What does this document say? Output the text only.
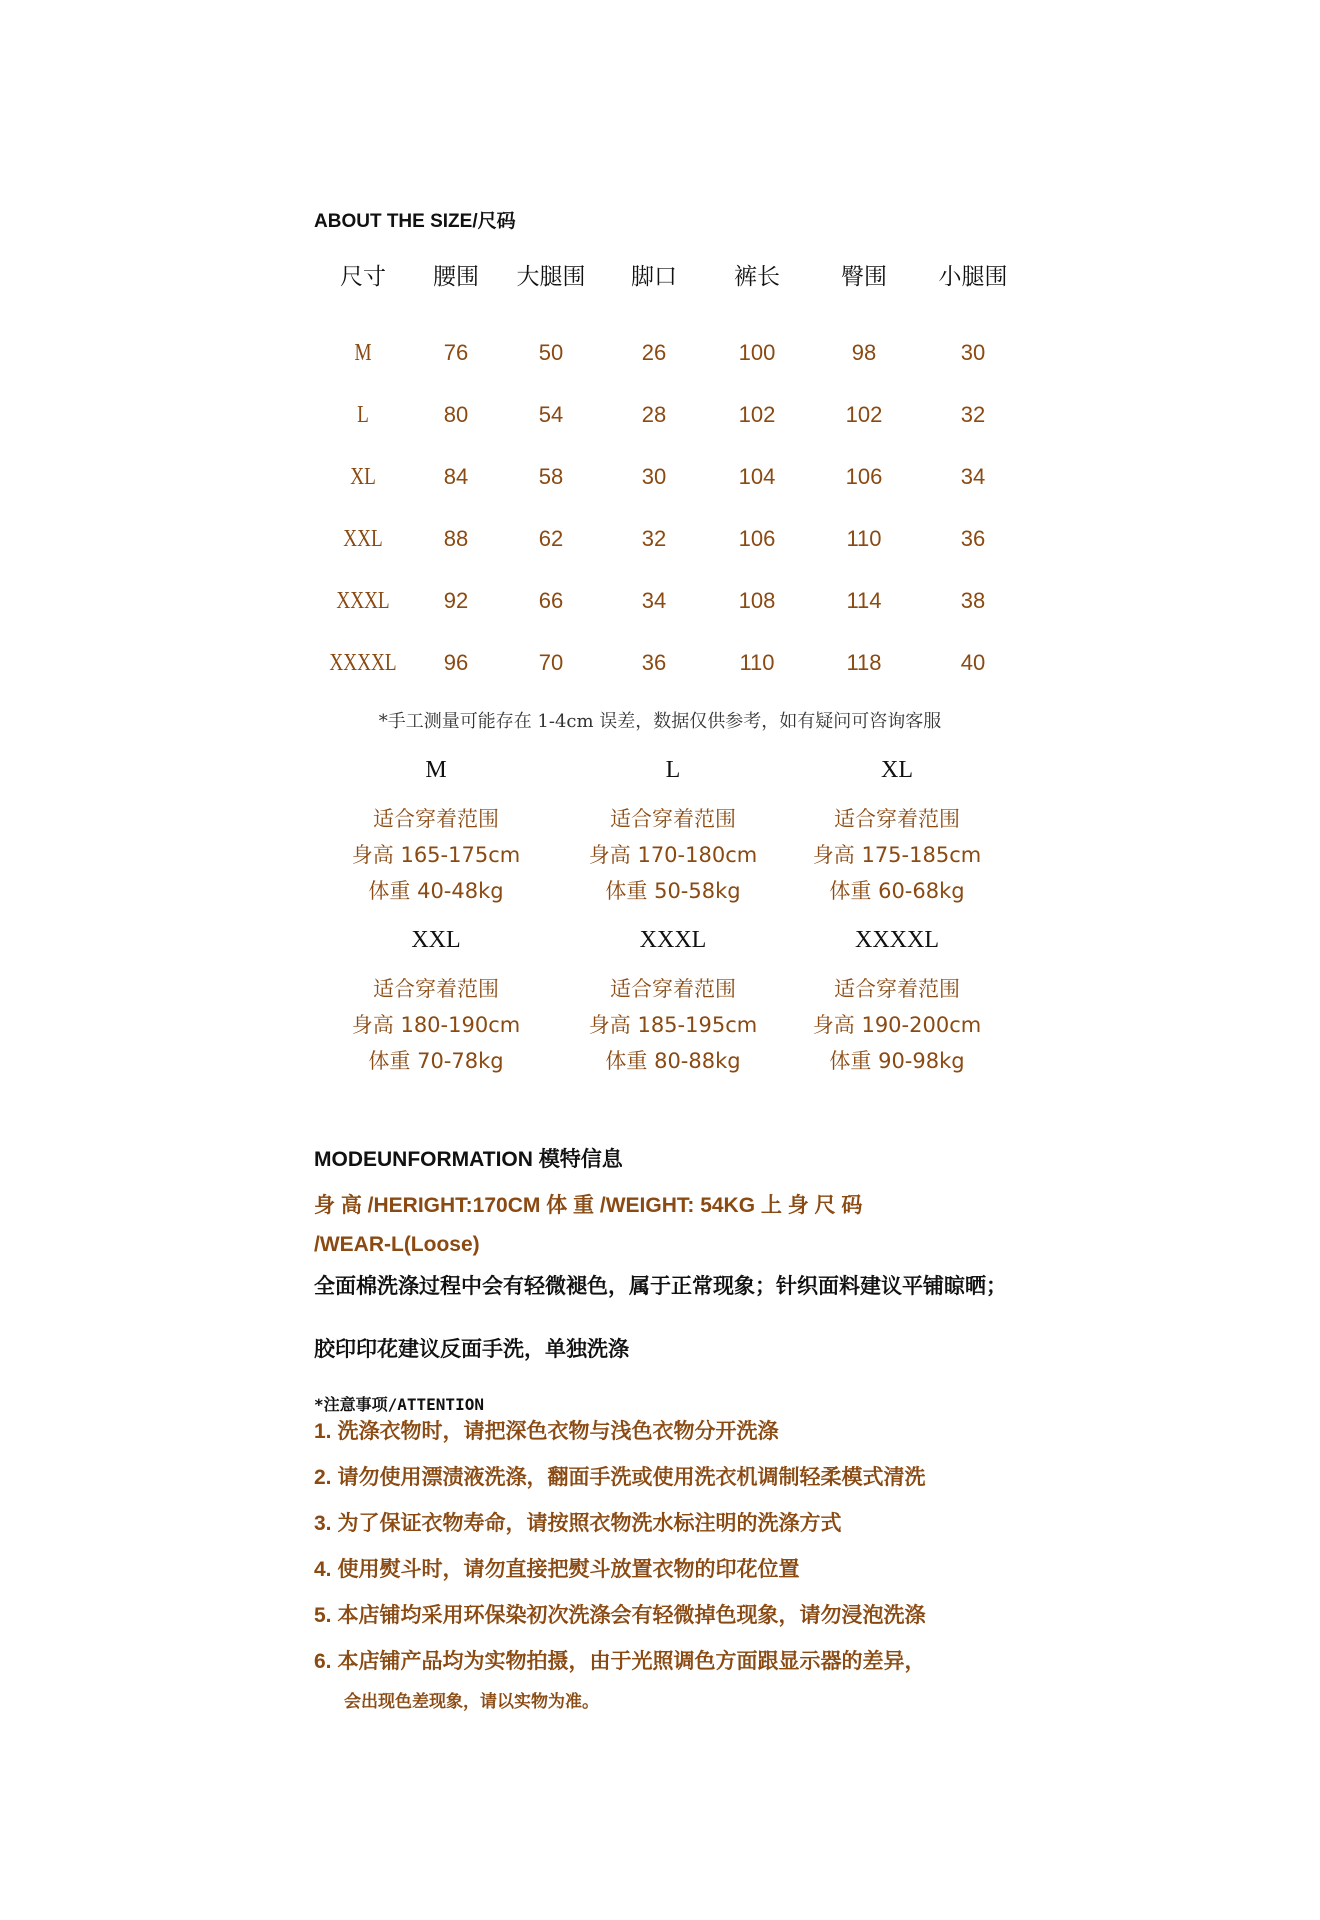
ABOUT THE SIZE/尺码
尺寸	腰围	大腿围	脚口	裤长	臀围	小腿围
M	76	50	26	100	98	30
L	80	54	28	102	102	32
XL	84	58	30	104	106	34
XXL	88	62	32	106	110	36
XXXL	92	66	34	108	114	38
XXXXL	96	70	36	110	118	40
*手工测量可能存在 1-4cm 误差，数据仅供参考，如有疑问可咨询客服
M
适合穿着范围
身高 165-175cm
体重 40-48kg
L
适合穿着范围
身高 170-180cm
体重 50-58kg
XL
适合穿着范围
身高 175-185cm
体重 60-68kg
XXL
适合穿着范围
身高 180-190cm
体重 70-78kg
XXXL
适合穿着范围
身高 185-195cm
体重 80-88kg
XXXXL
适合穿着范围
身高 190-200cm
体重 90-98kg
MODEUNFORMATION 模特信息
身 高 /HERIGHT:170CM 体 重 /WEIGHT: 54KG 上 身 尺 码
/WEAR-L(Loose)
全面棉洗涤过程中会有轻微褪色，属于正常现象；针织面料建议平铺晾晒；
胶印印花建议反面手洗，单独洗涤
*注意事项/ATTENTION
1. 洗涤衣物时，请把深色衣物与浅色衣物分开洗涤
2. 请勿使用漂渍液洗涤，翻面手洗或使用洗衣机调制轻柔模式清洗
3. 为了保证衣物寿命，请按照衣物洗水标注明的洗涤方式
4. 使用熨斗时，请勿直接把熨斗放置衣物的印花位置
5. 本店铺均采用环保染初次洗涤会有轻微掉色现象，请勿浸泡洗涤
6. 本店铺产品均为实物拍摄，由于光照调色方面跟显示器的差异，
会出现色差现象，请以实物为准。
